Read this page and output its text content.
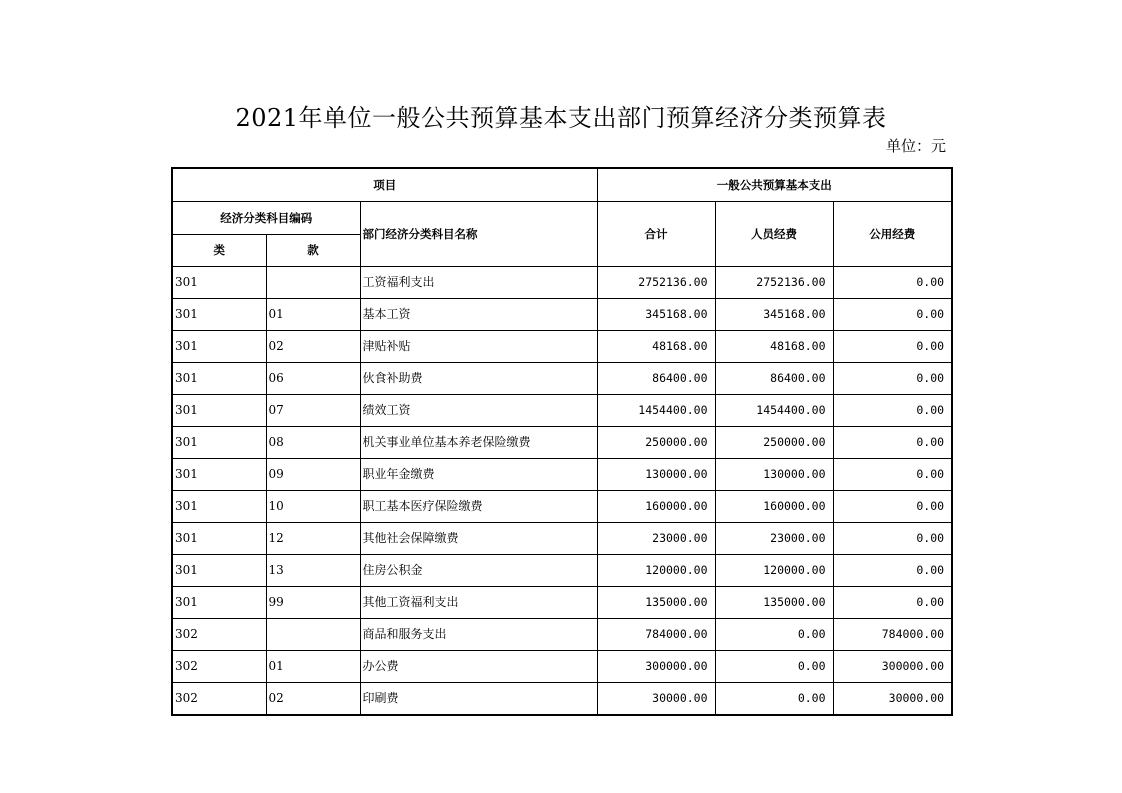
2021年单位一般公共预算基本支出部门预算经济分类预算表
单位：元
项目			一般公共预算基本支出		
经济分类科目编码		部门经济分类科目名称	合计	人员经费	公用经费
类	款				
301		工资福利支出	2752136.00	2752136.00	0.00
301	01	基本工资	345168.00	345168.00	0.00
301	02	津贴补贴	48168.00	48168.00	0.00
301	06	伙食补助费	86400.00	86400.00	0.00
301	07	绩效工资	1454400.00	1454400.00	0.00
301	08	机关事业单位基本养老保险缴费	250000.00	250000.00	0.00
301	09	职业年金缴费	130000.00	130000.00	0.00
301	10	职工基本医疗保险缴费	160000.00	160000.00	0.00
301	12	其他社会保障缴费	23000.00	23000.00	0.00
301	13	住房公积金	120000.00	120000.00	0.00
301	99	其他工资福利支出	135000.00	135000.00	0.00
302		商品和服务支出	784000.00	0.00	784000.00
302	01	办公费	300000.00	0.00	300000.00
302	02	印刷费	30000.00	0.00	30000.00
